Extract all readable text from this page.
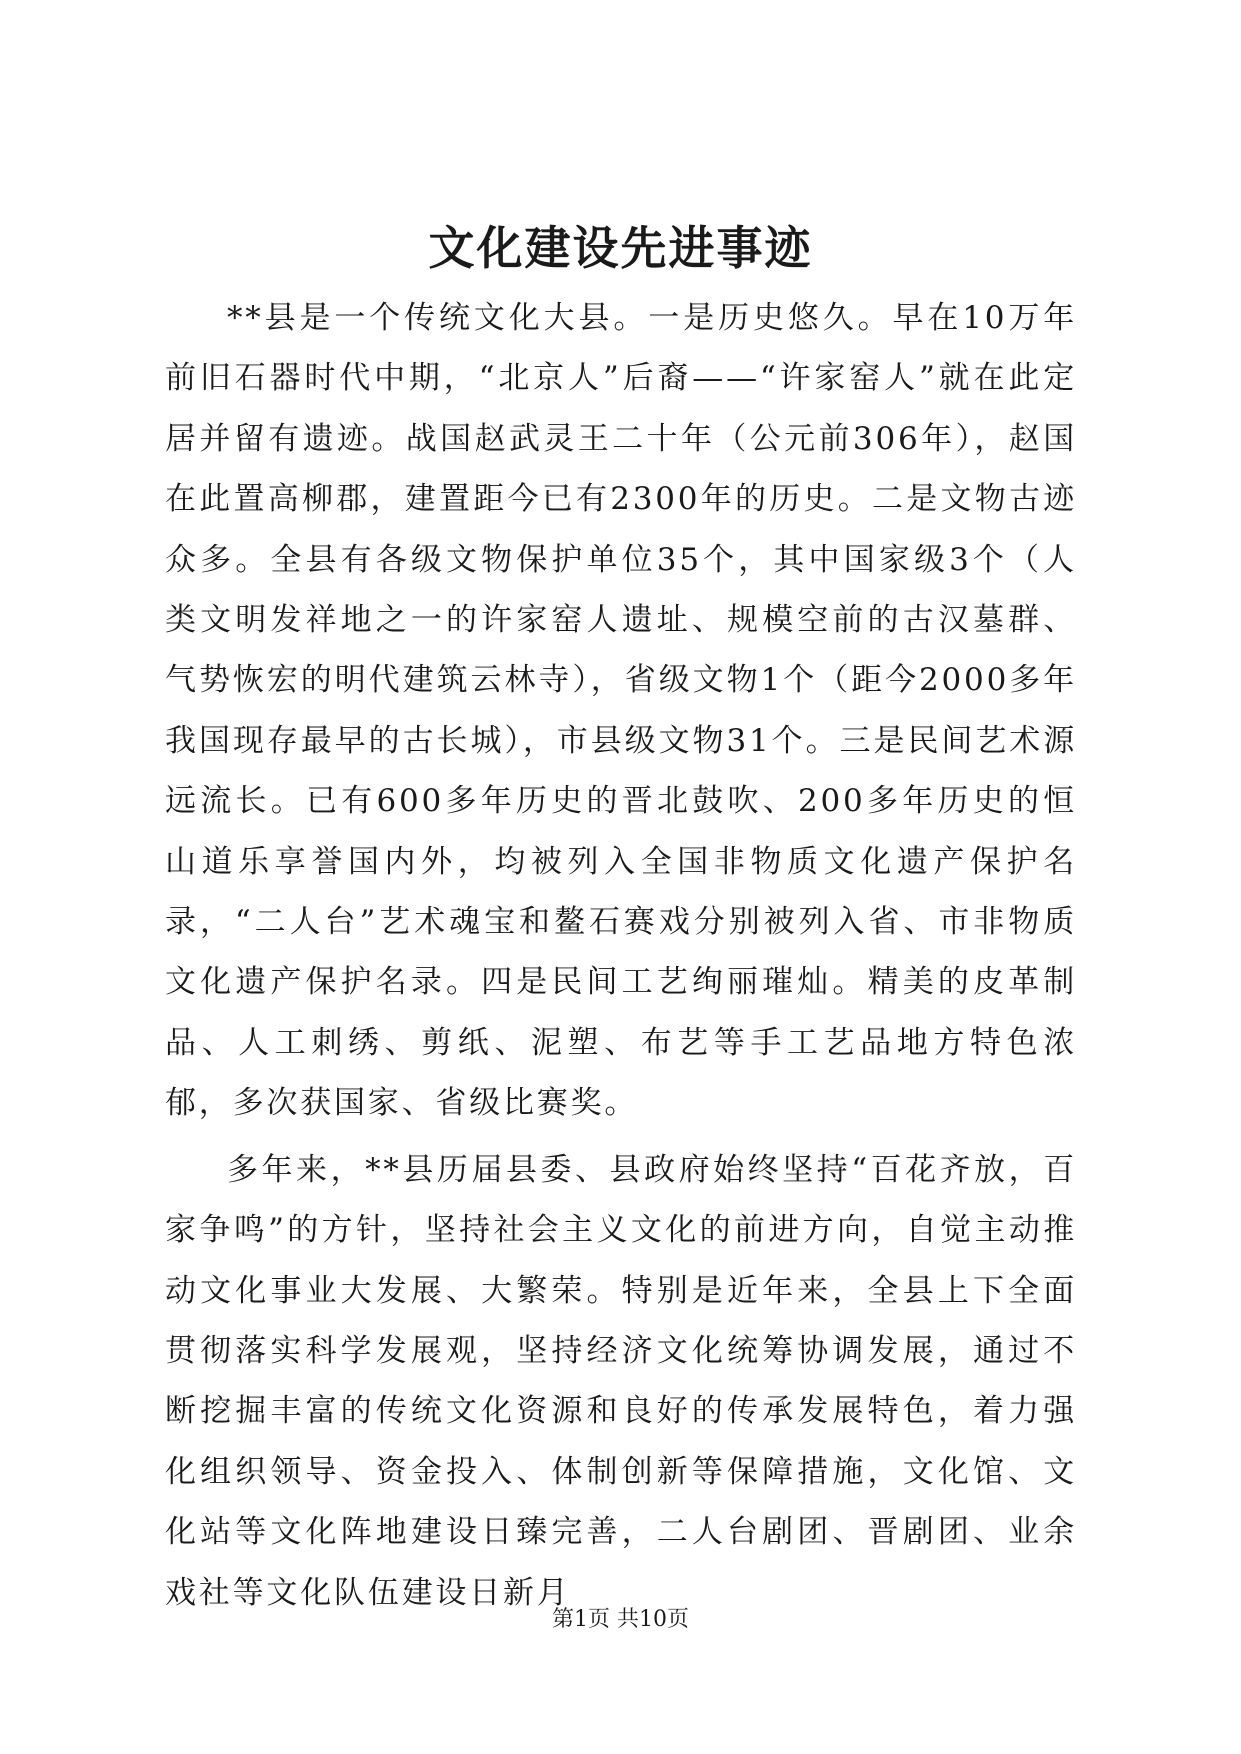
文化建设先进事迹

**县是一个传统文化大县。一是历史悠久。早在10万年前旧石器时代中期，“北京人”后裔——“许家窑人”就在此定居并留有遗迹。战国赵武灵王二十年（公元前306年），赵国在此置高柳郡，建置距今已有2300年的历史。二是文物古迹众多。全县有各级文物保护单位35个，其中国家级3个（人类文明发祥地之一的许家窑人遗址、规模空前的古汉墓群、气势恢宏的明代建筑云林寺），省级文物1个（距今2000多年我国现存最早的古长城），市县级文物31个。三是民间艺术源远流长。已有600多年历史的晋北鼓吹、200多年历史的恒山道乐享誉国内外，均被列入全国非物质文化遗产保护名录，“二人台”艺术魂宝和鳌石赛戏分别被列入省、市非物质文化遗产保护名录。四是民间工艺绚丽璀灿。精美的皮革制品、人工刺绣、剪纸、泥塑、布艺等手工艺品地方特色浓郁，多次获国家、省级比赛奖。

多年来，**县历届县委、县政府始终坚持“百花齐放，百家争鸣”的方针，坚持社会主义文化的前进方向，自觉主动推动文化事业大发展、大繁荣。特别是近年来，全县上下全面贯彻落实科学发展观，坚持经济文化统筹协调发展，通过不断挖掘丰富的传统文化资源和良好的传承发展特色，着力强化组织领导、资金投入、体制创新等保障措施，文化馆、文化站等文化阵地建设日臻完善，二人台剧团、晋剧团、业余戏社等文化队伍建设日新月

第1页 共10页
